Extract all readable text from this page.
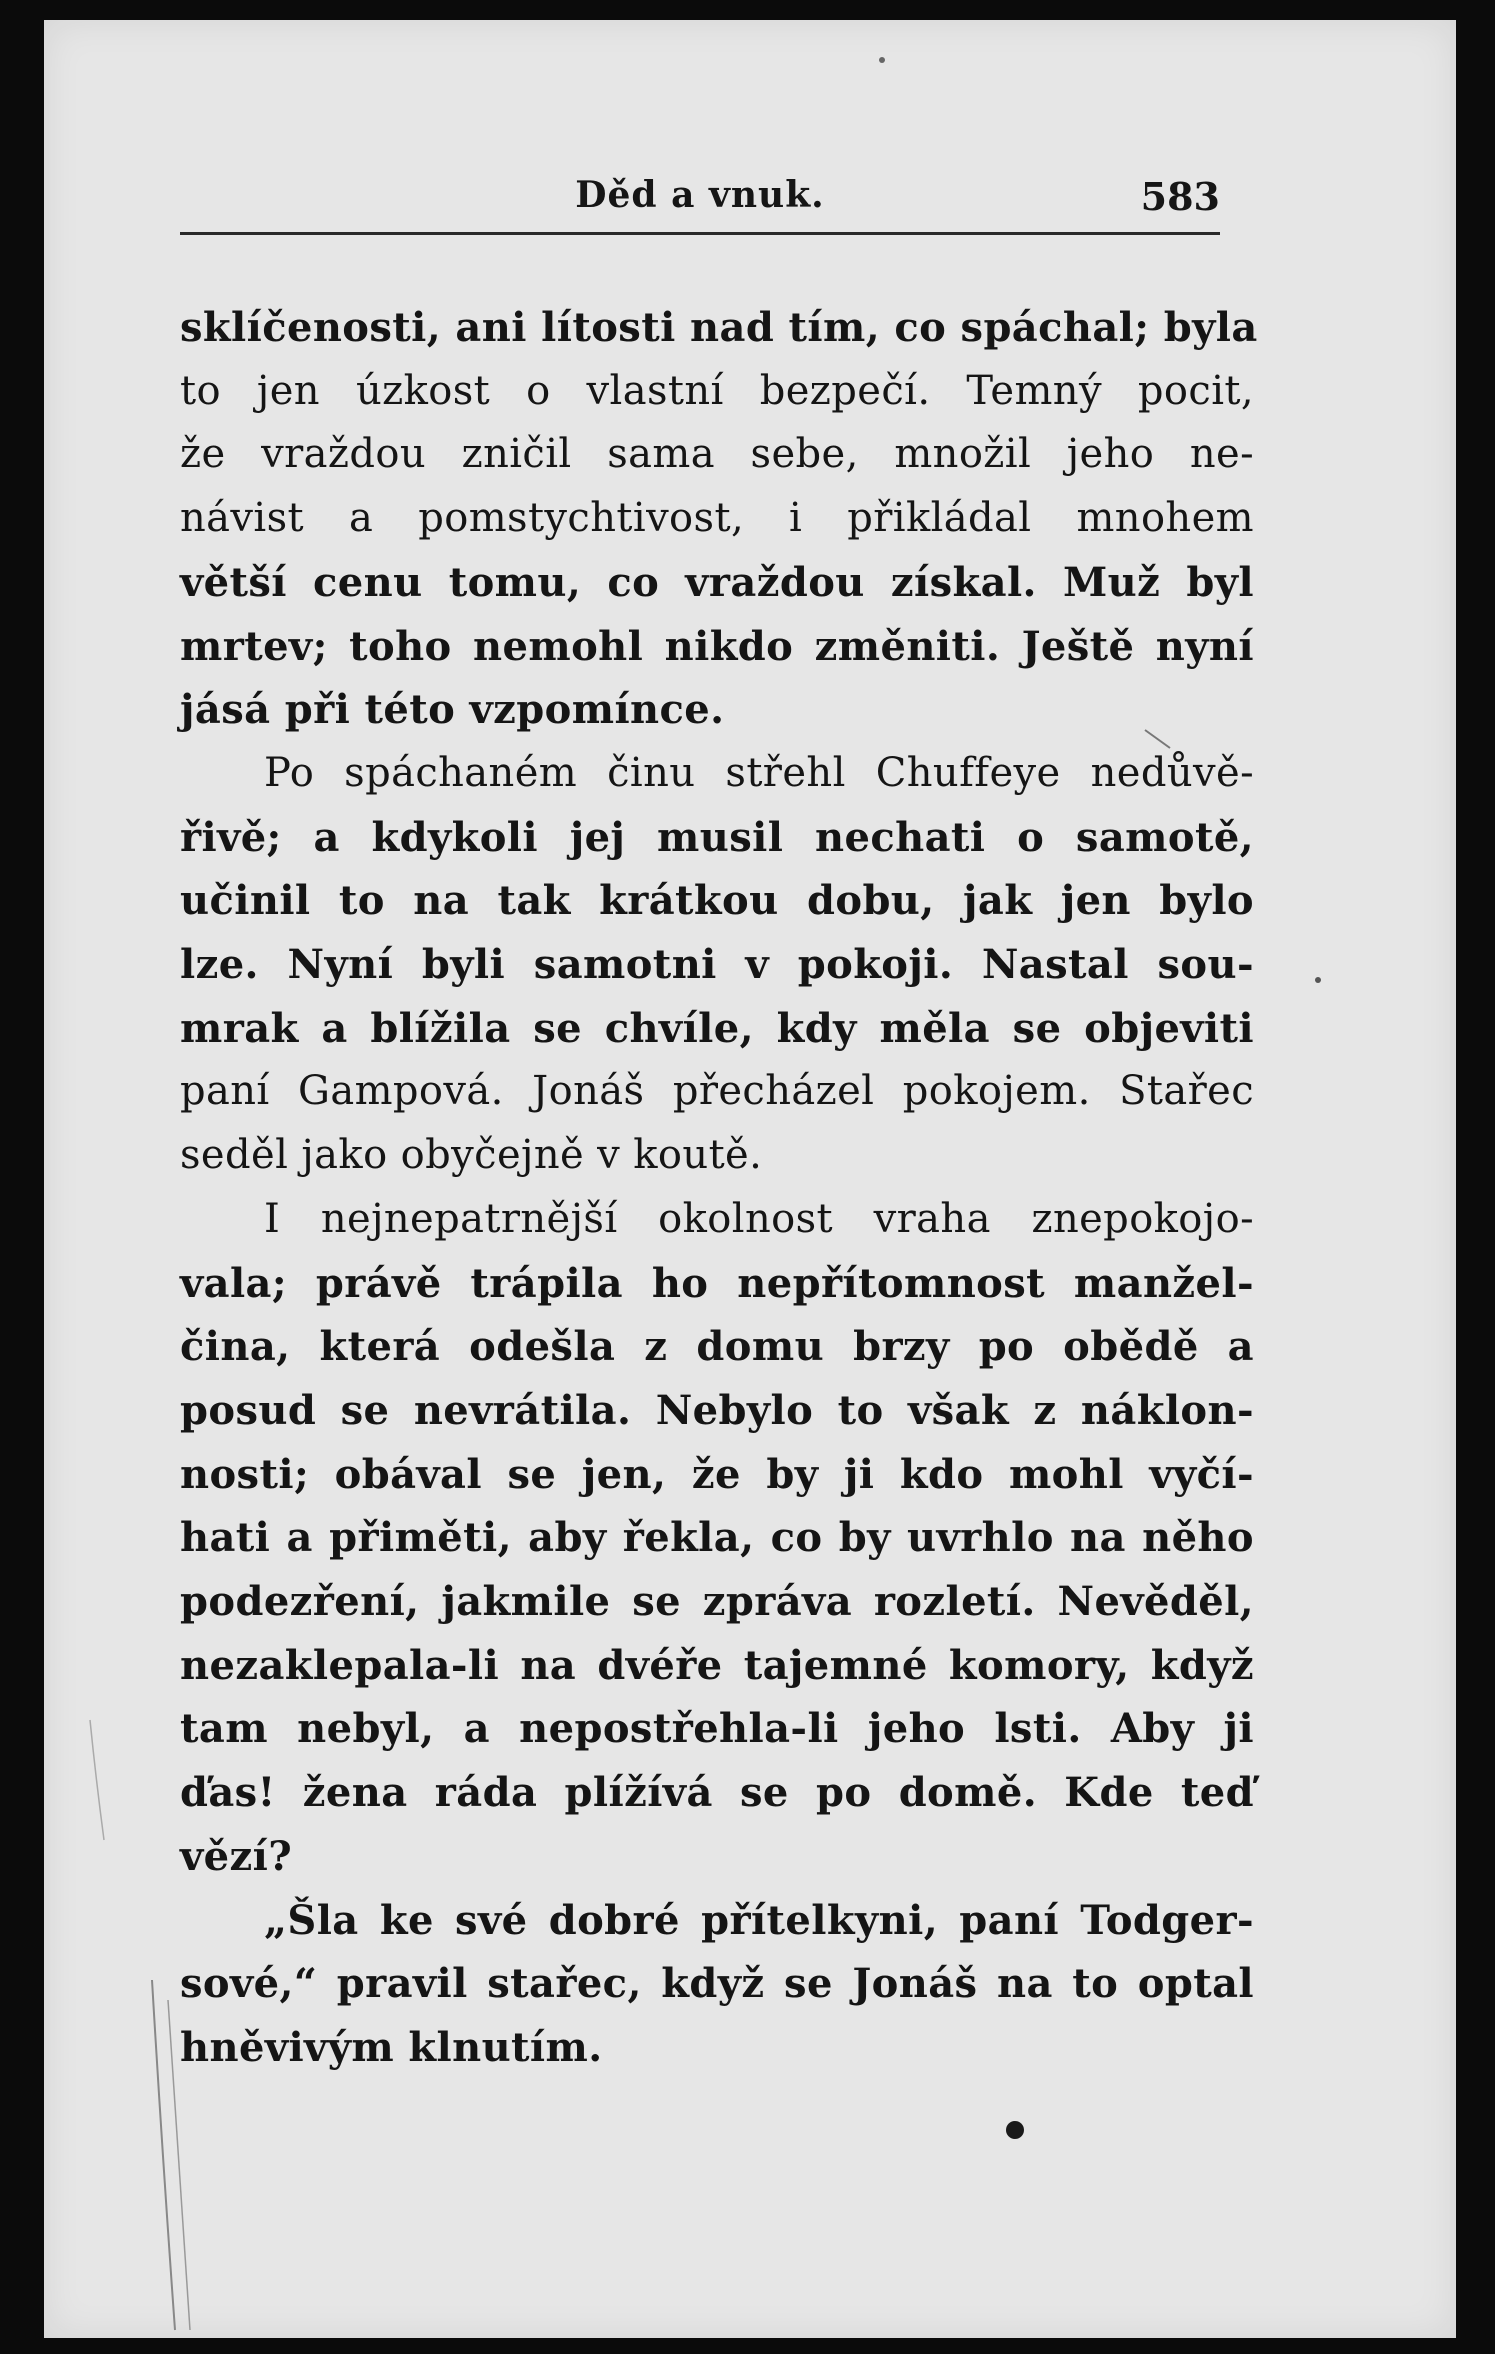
Děd a vnuk.	583
sklíčenosti, ani lítosti nad tím, co spáchal; byla
to jen úzkost o vlastní bezpečí. Temný pocit,
že vraždou zničil sama sebe, množil jeho ne-
návist a pomstychtivost, i přikládal mnohem
větší cenu tomu, co vraždou získal. Muž byl
mrtev; toho nemohl nikdo změniti. Ještě nyní
jásá při této vzpomínce.
Po spáchaném činu střehl Chuffeye nedůvě-
řivě; a kdykoli jej musil nechati o samotě,
učinil to na tak krátkou dobu, jak jen bylo
lze. Nyní byli samotni v pokoji. Nastal sou-
mrak a blížila se chvíle, kdy měla se objeviti
paní Gampová. Jonáš přecházel pokojem. Stařec
seděl jako obyčejně v koutě.
I nejnepatrnější okolnost vraha znepokojo-
vala; právě trápila ho nepřítomnost manžel-
čina, která odešla z domu brzy po obědě a
posud se nevrátila. Nebylo to však z náklon-
nosti; obával se jen, že by ji kdo mohl vyčí-
hati a přiměti, aby řekla, co by uvrhlo na něho
podezření, jakmile se zpráva rozletí. Nevěděl,
nezaklepala-li na dvéře tajemné komory, když
tam nebyl, a nepostřehla-li jeho lsti. Aby ji
ďas! žena ráda plížívá se po domě. Kde teď
vězí?
„Šla ke své dobré přítelkyni, paní Todger-
sové,“ pravil stařec, když se Jonáš na to optal
hněvivým klnutím.
